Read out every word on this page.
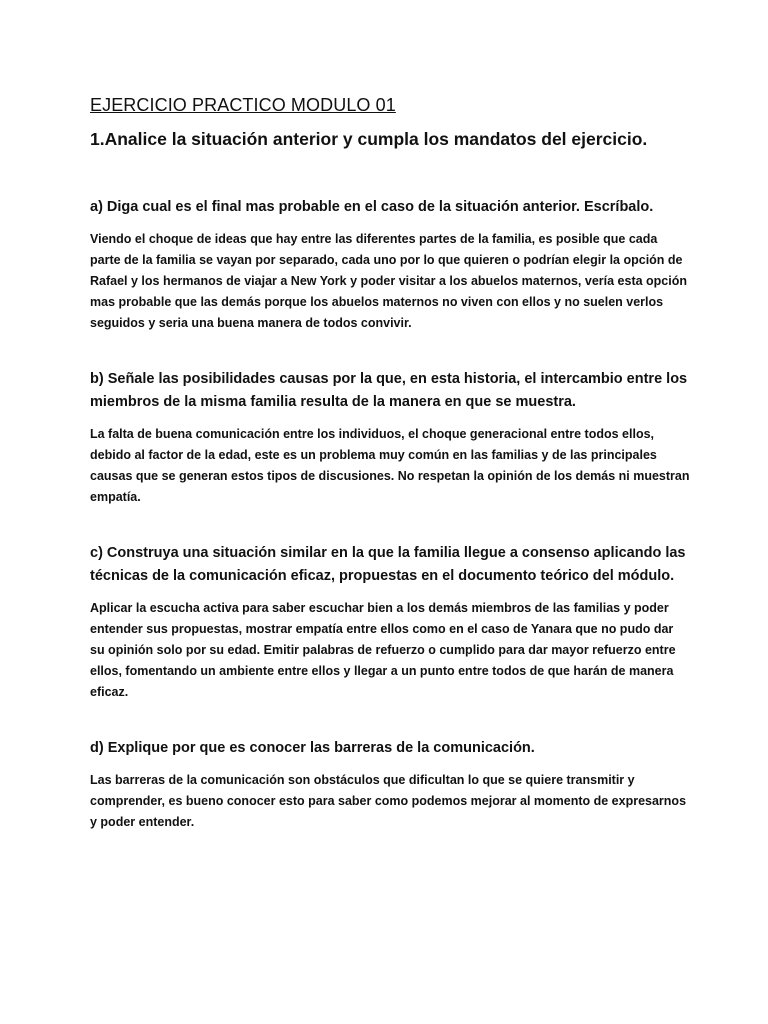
EJERCICIO PRACTICO MODULO 01
1.Analice la situación anterior y cumpla los mandatos del ejercicio.
a) Diga cual es el final mas probable en el caso de la situación anterior. Escríbalo.

Viendo el choque de ideas que hay entre las diferentes partes de la familia, es posible que cada parte de la familia se vayan por separado, cada uno por lo que quieren o podrían elegir la opción de Rafael y los hermanos de viajar a New York y poder visitar a los abuelos maternos, vería esta opción mas probable que las demás porque los abuelos maternos no viven con ellos y no suelen verlos seguidos y seria una buena manera de todos convivir.

b) Señale las posibilidades causas por la que, en esta historia, el intercambio entre los miembros de la misma familia resulta de la manera en que se muestra.

La falta de buena comunicación entre los individuos, el choque generacional entre todos ellos, debido al factor de la edad, este es un problema muy común en las familias y de las principales causas que se generan estos tipos de discusiones. No respetan la opinión de los demás ni muestran empatía.

c) Construya una situación similar en la que la familia llegue a consenso aplicando las técnicas de la comunicación eficaz, propuestas en el documento teórico del módulo.

Aplicar la escucha activa para saber escuchar bien a los demás miembros de las familias y poder entender sus propuestas, mostrar empatía entre ellos como en el caso de Yanara que no pudo dar su opinión solo por su edad. Emitir palabras de refuerzo o cumplido para dar mayor refuerzo entre ellos, fomentando un ambiente entre ellos y llegar a un punto entre todos de que harán de manera eficaz.

d) Explique por que es conocer las barreras de la comunicación.

Las barreras de la comunicación son obstáculos que dificultan lo que se quiere transmitir y comprender, es bueno conocer esto para saber como podemos mejorar al momento de expresarnos y poder entender.
